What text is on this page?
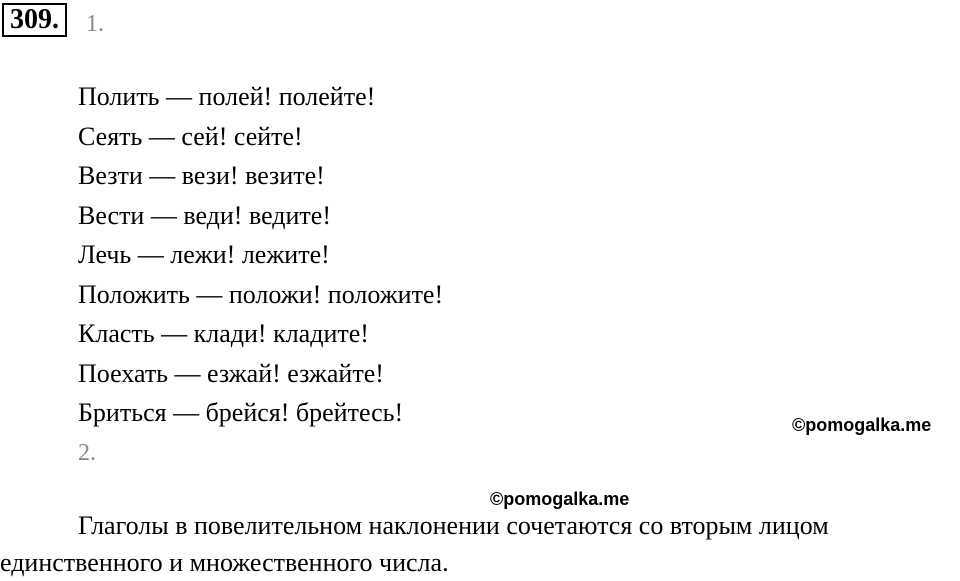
309.	1.
Полить — полей! полейте!
Сеять — сей! сейте!
Везти — вези! везите!
Вести — веди! ведите!
Лечь — лежи! лежите!
Положить — положи! положите!
Класть — клади! кладите!
Поехать — езжай! езжайте!
Бриться — брейся! брейтесь!	©pomogalka.me
2.
©pomogalka.me

Глаголы в повелительном наклонении сочетаются со вторым лицом
единственного и множественного числа.
